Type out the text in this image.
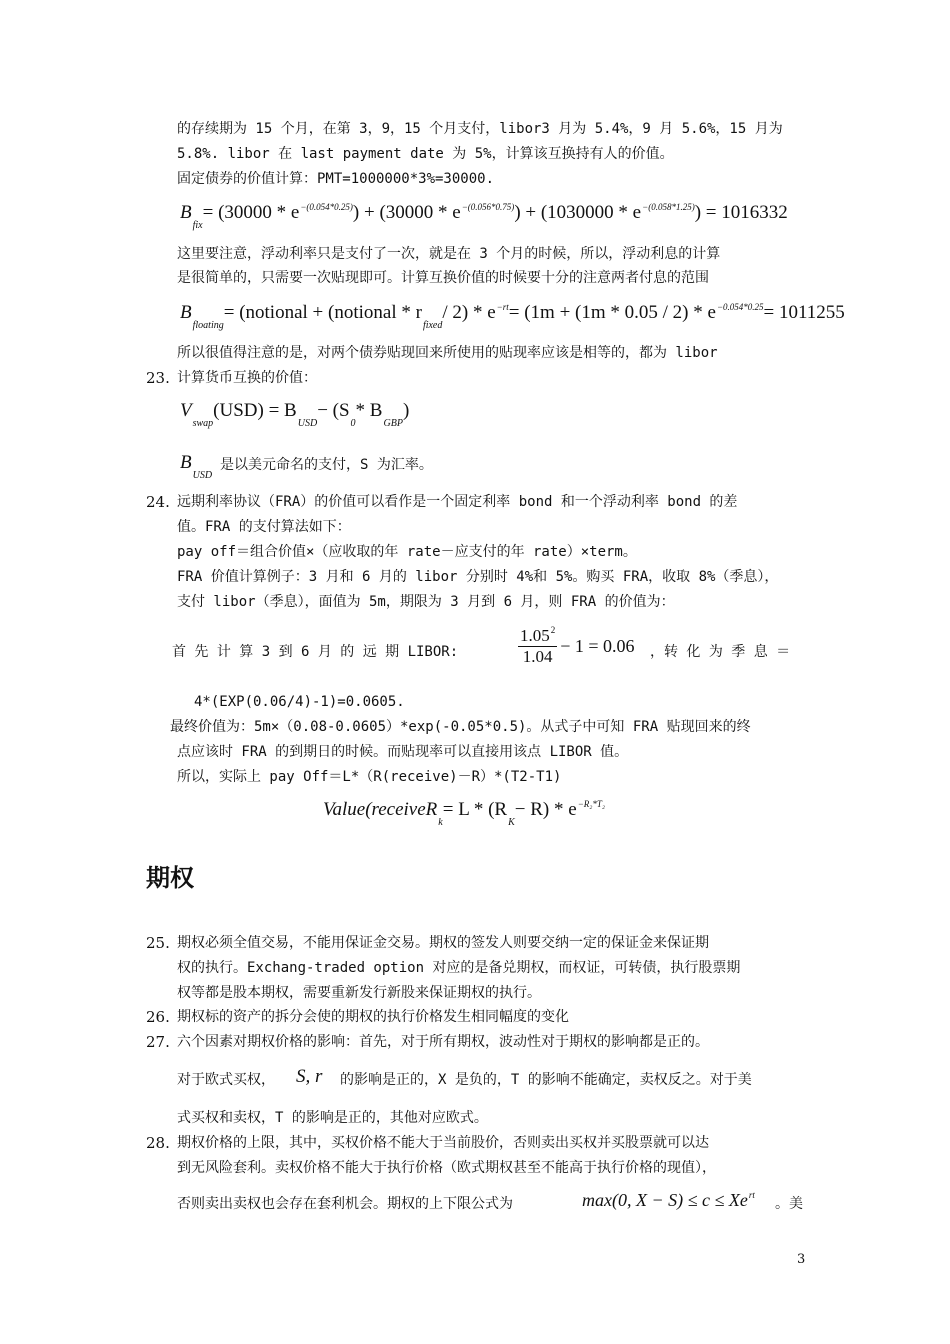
的存续期为 15 个月，在第 3，9，15 个月支付，libor3 月为 5.4%，9 月 5.6%，15 月为
5.8%. libor 在 last payment date 为 5%，计算该互换持有人的价值。
固定债券的价值计算：PMT=1000000*3%=30000.
$B_{fix}= (30000 * e^{-(0.054*0.25)}) + (30000 * e^{-(0.056*0.75)}) + (1030000 * e^{-(0.058*1.25)}) = 1016332$
这里要注意，浮动利率只是支付了一次，就是在 3 个月的时候，所以，浮动利息的计算
是很简单的，只需要一次贴现即可。计算互换价值的时候要十分的注意两者付息的范围
$B_{floating}=$ (notional + (notional * $r_{fixed}/$ $2) * e^{-rt}= (1m + (1m * 0.05 / 2) * e^{-0.054*0.25}= 1011255$
所以很值得注意的是，对两个债券贴现回来所使用的贴现率应该是相等的，都为 libor
23. 计算货币互换的价值：
$V_{swap}(USD) = B_{USD}- (S_0*$ $B_{GBP}$)
$B_{USD}$
是以美元命名的支付，S 为汇率。
24. 远期利率协议（FRA）的价值可以看作是一个固定利率 bond 和一个浮动利率 bond 的差
值。FRA 的支付算法如下：
pay off＝组合价值×（应收取的年 rate－应支付的年 rate）×term。
FRA 价值计算例子：3 月和 6 月的 libor 分别时 4%和 5%。购买 FRA，收取 8%（季息），
支付 libor（季息），面值为 5m，期限为 3 月到 6 月，则 FRA 的价值为：
首 先 计 算 3 到 6 月 的 远 期 LIBOR:	$\frac{1.05^2}{1.04} - 1 = 0.06$ ，转 化 为 季 息 ＝
4*(EXP(0.06/4)-1)=0.0605.
最终价值为：5m×（0.08-0.0605）*exp(-0.05*0.5)。从式子中可知 FRA 贴现回来的终
点应该时 FRA 的到期日的时候。而贴现率可以直接用该点 LIBOR 值。
所以，实际上 pay Off＝L*（R(receive)－R）*(T2-T1)
Value(receiveR$_k$= $L * (R_K- R) * e^{-R_2*T_2}$
期权
25. 期权必须全值交易，不能用保证金交易。期权的签发人则要交纳一定的保证金来保证期
权的执行。Exchang-traded option 对应的是备兑期权，而权证，可转债，执行股票期
权等都是股本期权，需要重新发行新股来保证期权的执行。
26. 期权标的资产的拆分会使的期权的执行价格发生相同幅度的变化
27. 六个因素对期权价格的影响：首先，对于所有期权，波动性对于期权的影响都是正的。
对于欧式买权， S, r 的影响是正的，X 是负的，T 的影响不能确定，卖权反之。对于美
式买权和卖权，T 的影响是正的，其他对应欧式。
28. 期权价格的上限，其中，买权价格不能大于当前股价，否则卖出买权并买股票就可以达
到无风险套利。卖权价格不能大于执行价格（欧式期权甚至不能高于执行价格的现值），
否则卖出卖权也会存在套利机会。期权的上下限公式为	max(0, $X - S) \le c \le Xe^{rt}$
。美
3
